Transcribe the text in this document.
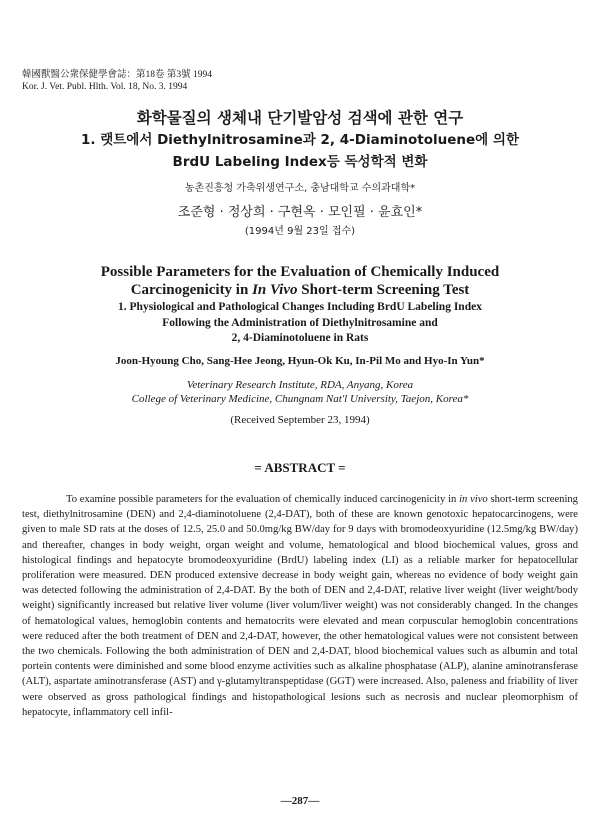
韓國獸醫公衆保健學會誌：第18卷 第3號 1994
Kor. J. Vet. Publ. Hlth. Vol. 18, No. 3. 1994
화학물질의 생체내 단기발암성 검색에 관한 연구
1. 랫트에서 Diethylnitrosamine과 2, 4-Diaminotoluene에 의한
BrdU Labeling Index등 독성학적 변화
농촌진흥청 가축위생연구소, 충남대학교 수의과대학*
조준형 · 정상희 · 구현옥 · 모인필 · 윤효인*
(1994년 9월 23일 접수)
Possible Parameters for the Evaluation of Chemically Induced
Carcinogenicity in In Vivo Short-term Screening Test
1. Physiological and Pathological Changes Including BrdU Labeling Index
Following the Administration of Diethylnitrosamine and
2, 4-Diaminotoluene in Rats
Joon-Hyoung Cho, Sang-Hee Jeong, Hyun-Ok Ku, In-Pil Mo and Hyo-In Yun*
Veterinary Research Institute, RDA, Anyang, Korea
College of Veterinary Medicine, Chungnam Nat'l University, Taejon, Korea*
(Received September 23, 1994)
= ABSTRACT =

To examine possible parameters for the evaluation of chemically induced carcinogenicity in in vivo short-term screening test, diethylnitrosamine (DEN) and 2,4-diaminotoluene (2,4-DAT), both of these are known genotoxic hepatocarcinogens, were given to male SD rats at the doses of 12.5, 25.0 and 50.0mg/kg BW/day for 9 days with bromodeoxyuridine (12.5mg/kg BW/day) and thereafter, changes in body weight, organ weight and volume, hematological and blood biochemical values, gross and histological findings and hepatocyte bromodeoxyuridine (BrdU) labeling index (LI) as a reliable marker for hepatocellular proliferation were measured. DEN produced extensive decrease in body weight gain, whereas no evidence of body weight gain was detected following the administration of 2,4-DAT. By the both of DEN and 2,4-DAT, relative liver weight (liver weight/body weight) significantly increased but relative liver volume (liver volum/liver weight) was not considerably changed. In the changes of hematological values, hemoglobin contents and hematocrits were elevated and mean corpuscular hemoglobin concentrations were reduced after the both treatment of DEN and 2,4-DAT, however, the other hematological values were not consistent between the two chemicals. Following the both administration of DEN and 2,4-DAT, blood biochemical values such as albumin and total portein contents were diminished and some blood enzyme activities such as alkaline phosphatase (ALP), alanine aminotransferase (ALT), aspartate aminotransferase (AST) and γ-glutamyltranspeptidase (GGT) were increased. Also, paleness and friability of liver were observed as gross pathological findings and histopathological lesions such as necrosis and nuclear pleomorphism of hepatocyte, inflammatory cell infil-

—287—
